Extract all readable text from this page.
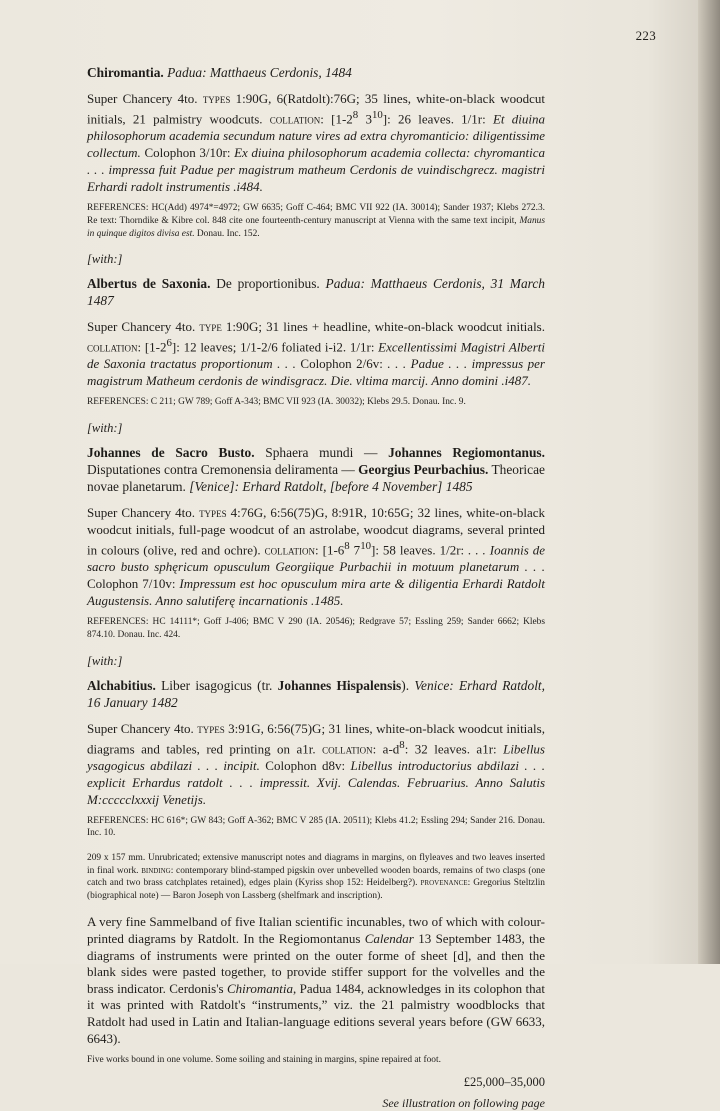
223

Chiromantia. Padua: Matthaeus Cerdonis, 1484

Super Chancery 4to. types 1:90G, 6(Ratdolt):76G; 35 lines, white-on-black woodcut initials, 21 palmistry woodcuts. collation: [$1-2^8$ $3^{10}$]: 26 leaves. 1/1r: Et diuina philosophorum academia secundum nature vires ad extra chyromanticio: diligentissime collectum. Colophon 3/10r: Ex diuina philosophorum academia collecta: chyromantica . . . impressa fuit Padue per magistrum matheum Cerdonis de vuindischgrecz. magistri Erhardi radolt instrumentis .i484.

REFERENCES: HC(Add) 4974*=4972; GW 6635; Goff C-464; BMC VII 922 (IA. 30014); Sander 1937; Klebs 272.3. Re text: Thorndike & Kibre col. 848 cite one fourteenth-century manuscript at Vienna with the same text incipit, Manus in quinque digitos divisa est. Donau. Inc. 152.

[with:]

Albertus de Saxonia. De proportionibus. Padua: Matthaeus Cerdonis, 31 March 1487

Super Chancery 4to. type 1:90G; 31 lines + headline, white-on-black woodcut initials. collation: $[1-2^6]$: 12 leaves; 1/1-2/6 foliated i-i2. 1/1r: Excellentissimi Magistri Alberti de Saxonia tractatus proportionum . . . Colophon 2/6v: . . . Padue . . . impressus per magistrum Matheum cerdonis de windisgracz. Die. vltima marcij. Anno domini .i487.

REFERENCES: C 211; GW 789; Goff A-343; BMC VII 923 (IA. 30032); Klebs 29.5. Donau. Inc. 9.

[with:]

Johannes de Sacro Busto. Sphaera mundi — Johannes Regiomontanus. Disputationes contra Cremonensia deliramenta — Georgius Peurbachius. Theoricae novae planetarum. [Venice]: Erhard Ratdolt, [before 4 November] 1485

Super Chancery 4to. types 4:76G, 6:56(75)G, 8:91R, 10:65G; 32 lines, white-on-black woodcut initials, full-page woodcut of an astrolabe, woodcut diagrams, several printed in colours (olive, red and ochre). collation: [$1-6^8$ $7^{10}$]: 58 leaves. 1/2r: . . . Ioannis de sacro busto sphęricum opusculum Georgiique Purbachii in motuum planetarum . . . Colophon 7/10v: Impressum est hoc opusculum mira arte & diligentia Erhardi Ratdolt Augustensis. Anno salutiferę incarnationis .1485.

REFERENCES: HC 14111*; Goff J-406; BMC V 290 (IA. 20546); Redgrave 57; Essling 259; Sander 6662; Klebs 874.10. Donau. Inc. 424.

[with:]

Alchabitius. Liber isagogicus (tr. Johannes Hispalensis). Venice: Erhard Ratdolt, 16 January 1482

Super Chancery 4to. types 3:91G, 6:56(75)G; 31 lines, white-on-black woodcut initials, diagrams and tables, red printing on a1r. collation: $a-d^8$: 32 leaves. a1r: Libellus ysagogicus abdilazi . . . incipit. Colophon d8v: Libellus introductorius abdilazi . . . explicit Erhardus ratdolt . . . impressit. Xvij. Calendas. Februarius. Anno Salutis M:ccccclxxxij Venetijs.

REFERENCES: HC 616*; GW 843; Goff A-362; BMC V 285 (IA. 20511); Klebs 41.2; Essling 294; Sander 216. Donau. Inc. 10.

209 x 157 mm. Unrubricated; extensive manuscript notes and diagrams in margins, on flyleaves and two leaves inserted in final work. binding: contemporary blind-stamped pigskin over unbevelled wooden boards, remains of two clasps (one catch and two brass catchplates retained), edges plain (Kyriss shop 152: Heidelberg?). provenance: Gregorius Steltzlin (biographical note) — Baron Joseph von Lassberg (shelfmark and inscription).

A very fine Sammelband of five Italian scientific incunables, two of which with colour-printed diagrams by Ratdolt. In the Regiomontanus Calendar 13 September 1483, the diagrams of instruments were printed on the outer forme of sheet [d], and then the blank sides were pasted together, to provide stiffer support for the volvelles and the brass indicator. Cerdonis's Chiromantia, Padua 1484, acknowledges in its colophon that it was printed with Ratdolt's “instruments,” viz. the 21 palmistry woodblocks that Ratdolt had used in Latin and Italian-language editions several years before (GW 6633, 6643).

Five works bound in one volume. Some soiling and staining in margins, spine repaired at foot.

£25,000–35,000

See illustration on following page
